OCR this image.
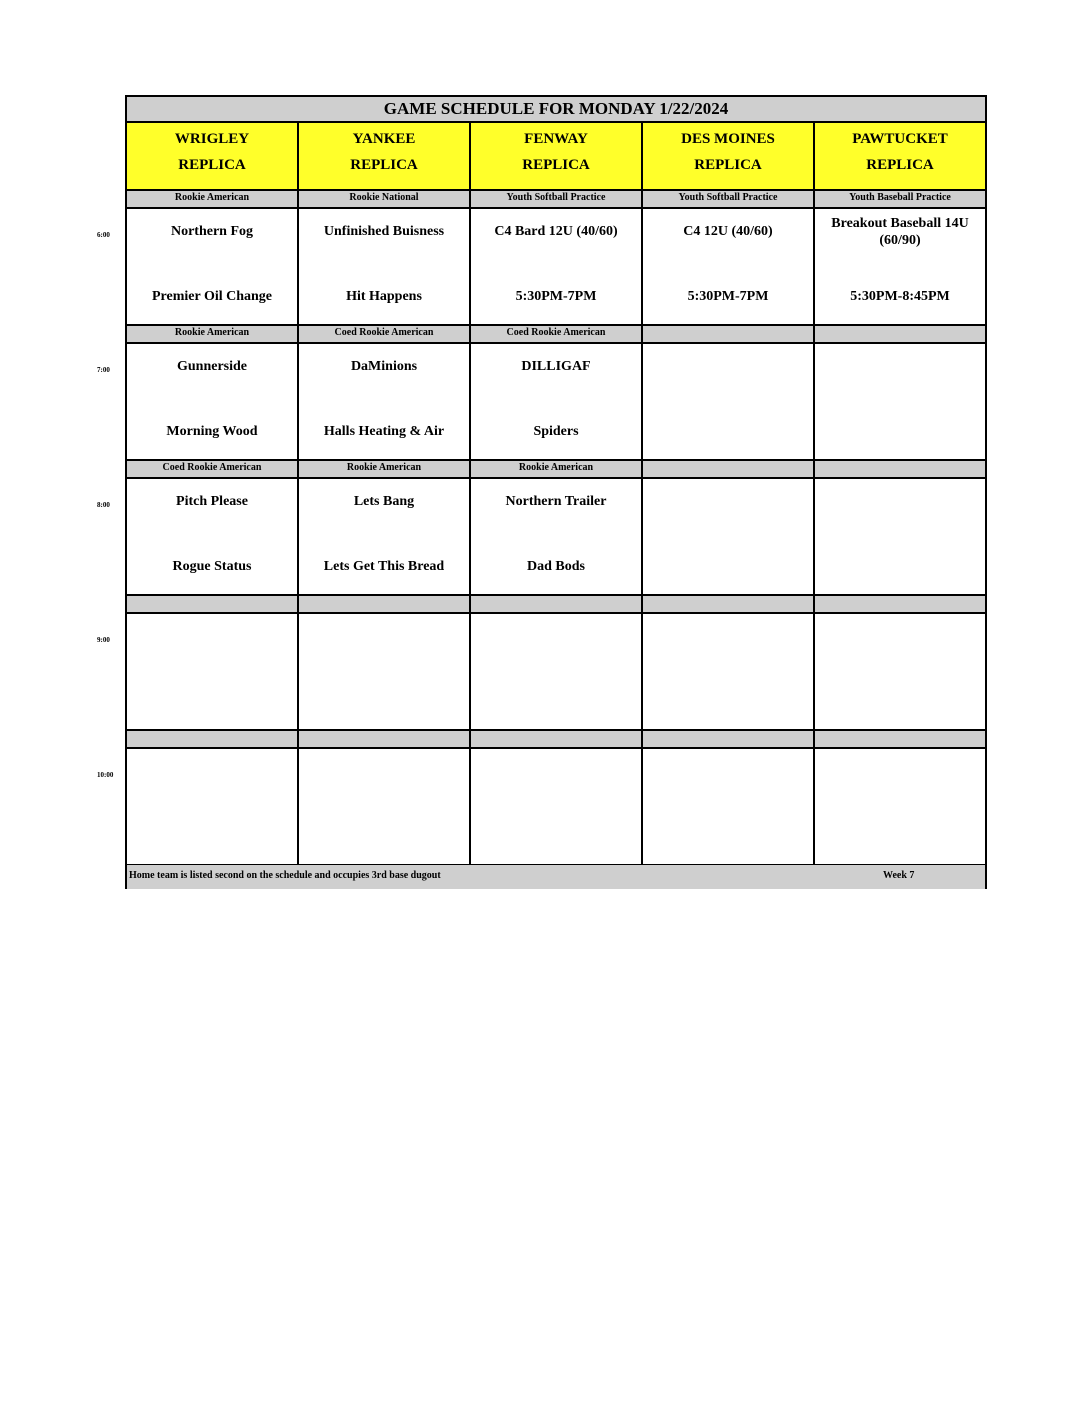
GAME SCHEDULE FOR MONDAY 1/22/2024
WRIGLEY
REPLICA
YANKEE
REPLICA
FENWAY
REPLICA
DES MOINES
REPLICA
PAWTUCKET
REPLICA
Rookie American
Northern Fog
Premier Oil Change
Rookie National
Unfinished Buisness
Hit Happens
Youth Softball Practice
C4 Bard 12U (40/60)
5:30PM-7PM
Youth Softball Practice
C4 12U (40/60)
5:30PM-7PM
Youth Baseball Practice
Breakout Baseball 14U (60/90)
5:30PM-8:45PM
Rookie American
Gunnerside
Morning Wood
Coed Rookie American
DaMinions
Halls Heating & Air
Coed Rookie American
DILLIGAF
Spiders
Coed Rookie American
Pitch Please
Rogue Status
Rookie American
Lets Bang
Lets Get This Bread
Rookie American
Northern Trailer
Dad Bods
Home team is listed second on the schedule and occupies 3rd base dugout	Week 7
6:00
7:00
8:00
9:00
10:00
